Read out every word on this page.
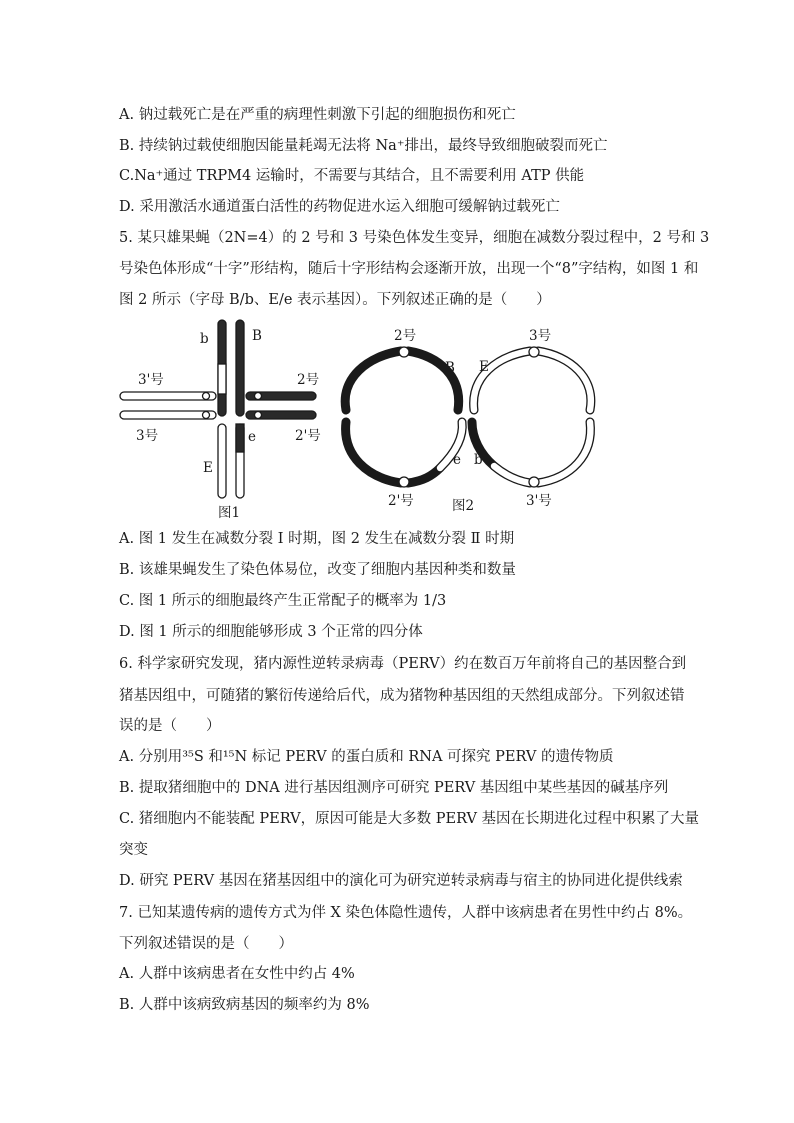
A. 钠过载死亡是在严重的病理性刺激下引起的细胞损伤和死亡
B. 持续钠过载使细胞因能量耗竭无法将 Na⁺排出，最终导致细胞破裂而死亡
C.Na⁺通过 TRPM4 运输时，不需要与其结合，且不需要利用 ATP 供能
D. 采用激活水通道蛋白活性的药物促进水运入细胞可缓解钠过载死亡
5. 某只雄果蝇（2N=4）的 2 号和 3 号染色体发生变异，细胞在减数分裂过程中，2 号和 3
号染色体形成“十字”形结构，随后十字形结构会逐渐开放，出现一个“8”字结构，如图 1 和
图 2 所示（字母 B/b、E/e 表示基因）。下列叙述正确的是（　　）
b	B
3'号	2号
3号	2'号
E
e
图1
2号	3号
B E
e b
2'号	图2	3'号
A. 图 1 发生在减数分裂 Ⅰ 时期，图 2 发生在减数分裂 Ⅱ 时期
B. 该雄果蝇发生了染色体易位，改变了细胞内基因种类和数量
C. 图 1 所示的细胞最终产生正常配子的概率为 1/3
D. 图 1 所示的细胞能够形成 3 个正常的四分体
6. 科学家研究发现，猪内源性逆转录病毒（PERV）约在数百万年前将自己的基因整合到
猪基因组中，可随猪的繁衍传递给后代，成为猪物种基因组的天然组成部分。下列叙述错
误的是（　　）
A. 分别用³⁵S 和¹⁵N 标记 PERV 的蛋白质和 RNA 可探究 PERV 的遗传物质
B. 提取猪细胞中的 DNA 进行基因组测序可研究 PERV 基因组中某些基因的碱基序列
C. 猪细胞内不能装配 PERV，原因可能是大多数 PERV 基因在长期进化过程中积累了大量
突变
D. 研究 PERV 基因在猪基因组中的演化可为研究逆转录病毒与宿主的协同进化提供线索
7. 已知某遗传病的遗传方式为伴 X 染色体隐性遗传，人群中该病患者在男性中约占 8%。
下列叙述错误的是（　　）
A. 人群中该病患者在女性中约占 4%
B. 人群中该病致病基因的频率约为 8%
